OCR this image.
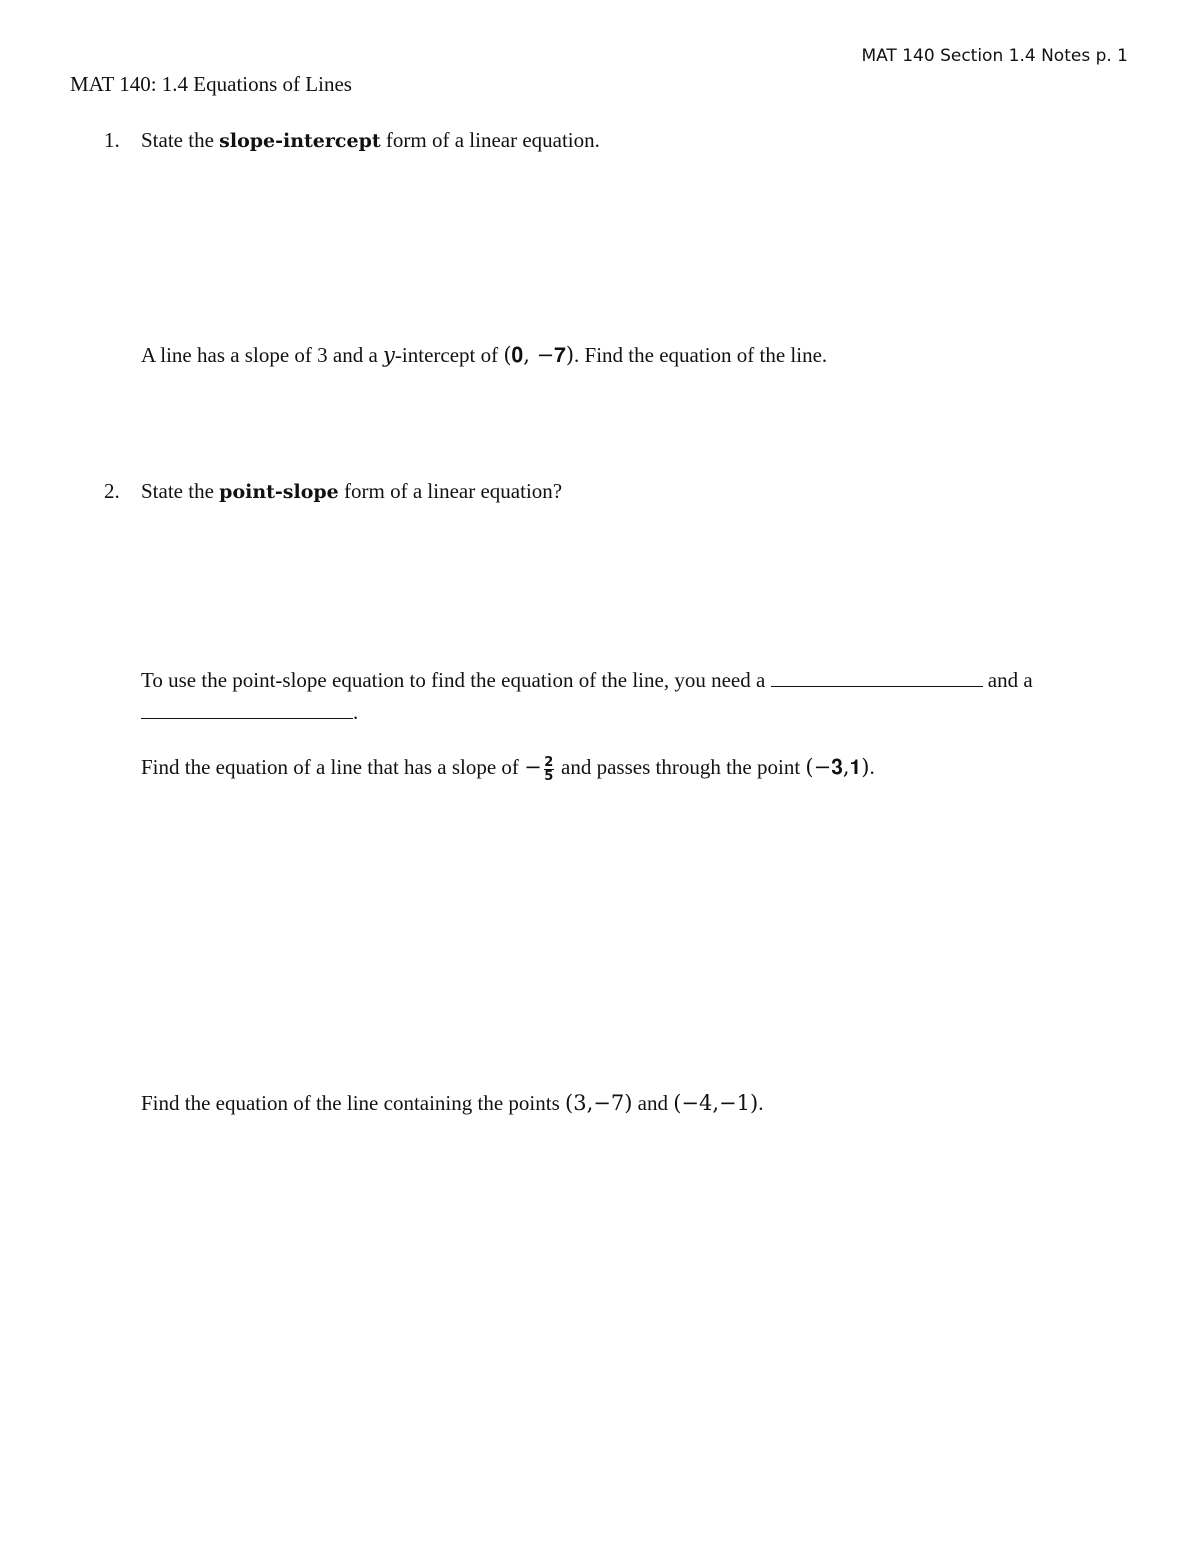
MAT 140 Section 1.4 Notes p. 1
MAT 140: 1.4 Equations of Lines
1. State the slope-intercept form of a linear equation.
A line has a slope of 3 and a y-intercept of (𝟎, −𝟕). Find the equation of the line.
2. State the point-slope form of a linear equation?
To use the point-slope equation to find the equation of the line, you need a	and a
.
Find the equation of a line that has a slope of − $\frac{2}{5}$ and passes through the point (−𝟑,𝟏).
Find the equation of the line containing the points (3,−7) and (−4,−1).
